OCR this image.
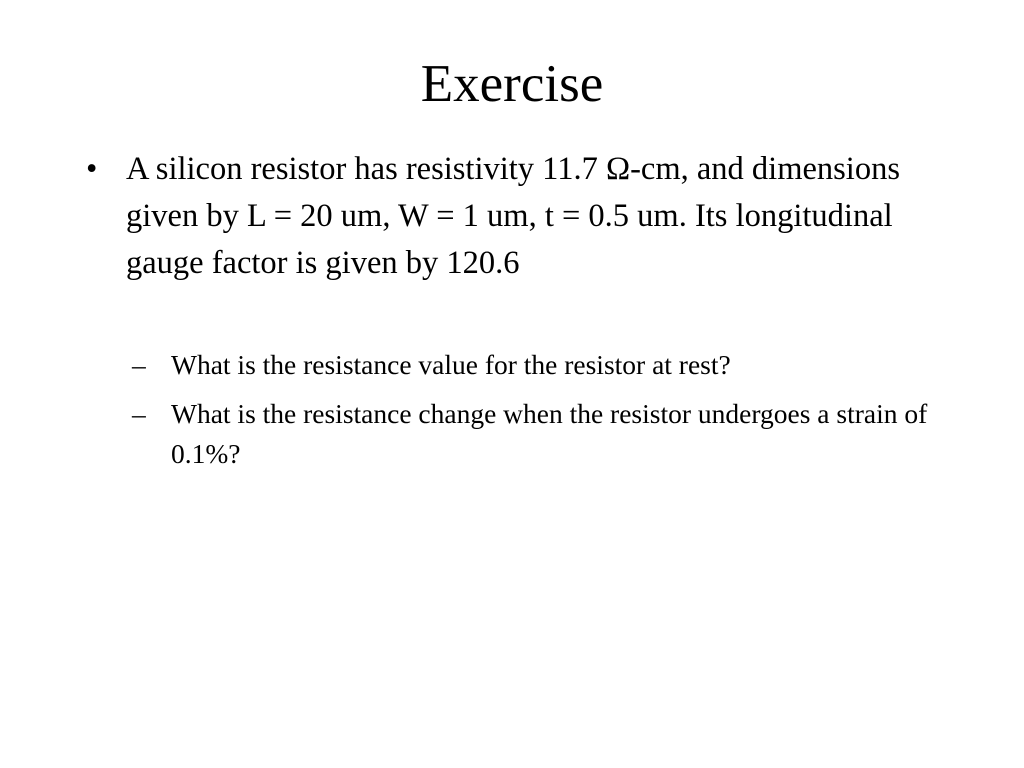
Exercise
• A silicon resistor has resistivity 11.7 Ω-cm, and dimensions given by L = 20 um, W = 1 um, t = 0.5 um. Its longitudinal gauge factor is given by 120.6
– What is the resistance value for the resistor at rest?
– What is the resistance change when the resistor undergoes a strain of 0.1%?
